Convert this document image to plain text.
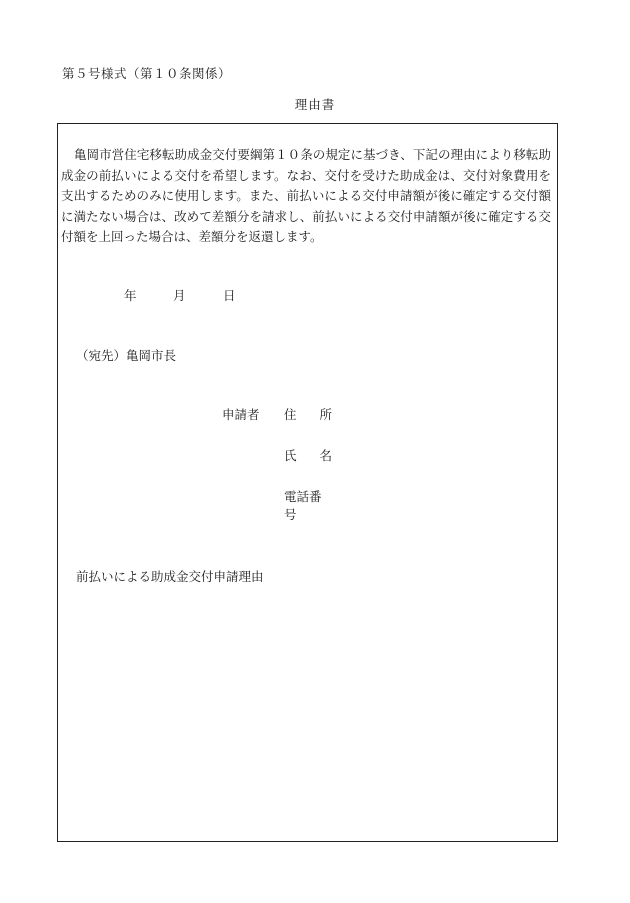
第５号様式（第１０条関係）
理由書

亀岡市営住宅移転助成金交付要綱第１０条の規定に基づき、下記の理由により移転助成金の前払いによる交付を希望します。なお、交付を受けた助成金は、交付対象費用を支出するためのみに使用します。また、前払いによる交付申請額が後に確定する交付額に満たない場合は、改めて差額分を請求し、前払いによる交付申請額が後に確定する交付額を上回った場合は、差額分を返還します。

年	月	日
（宛先）亀岡市長
申請者 住 所
氏 名
電話番号
前払いによる助成金交付申請理由
